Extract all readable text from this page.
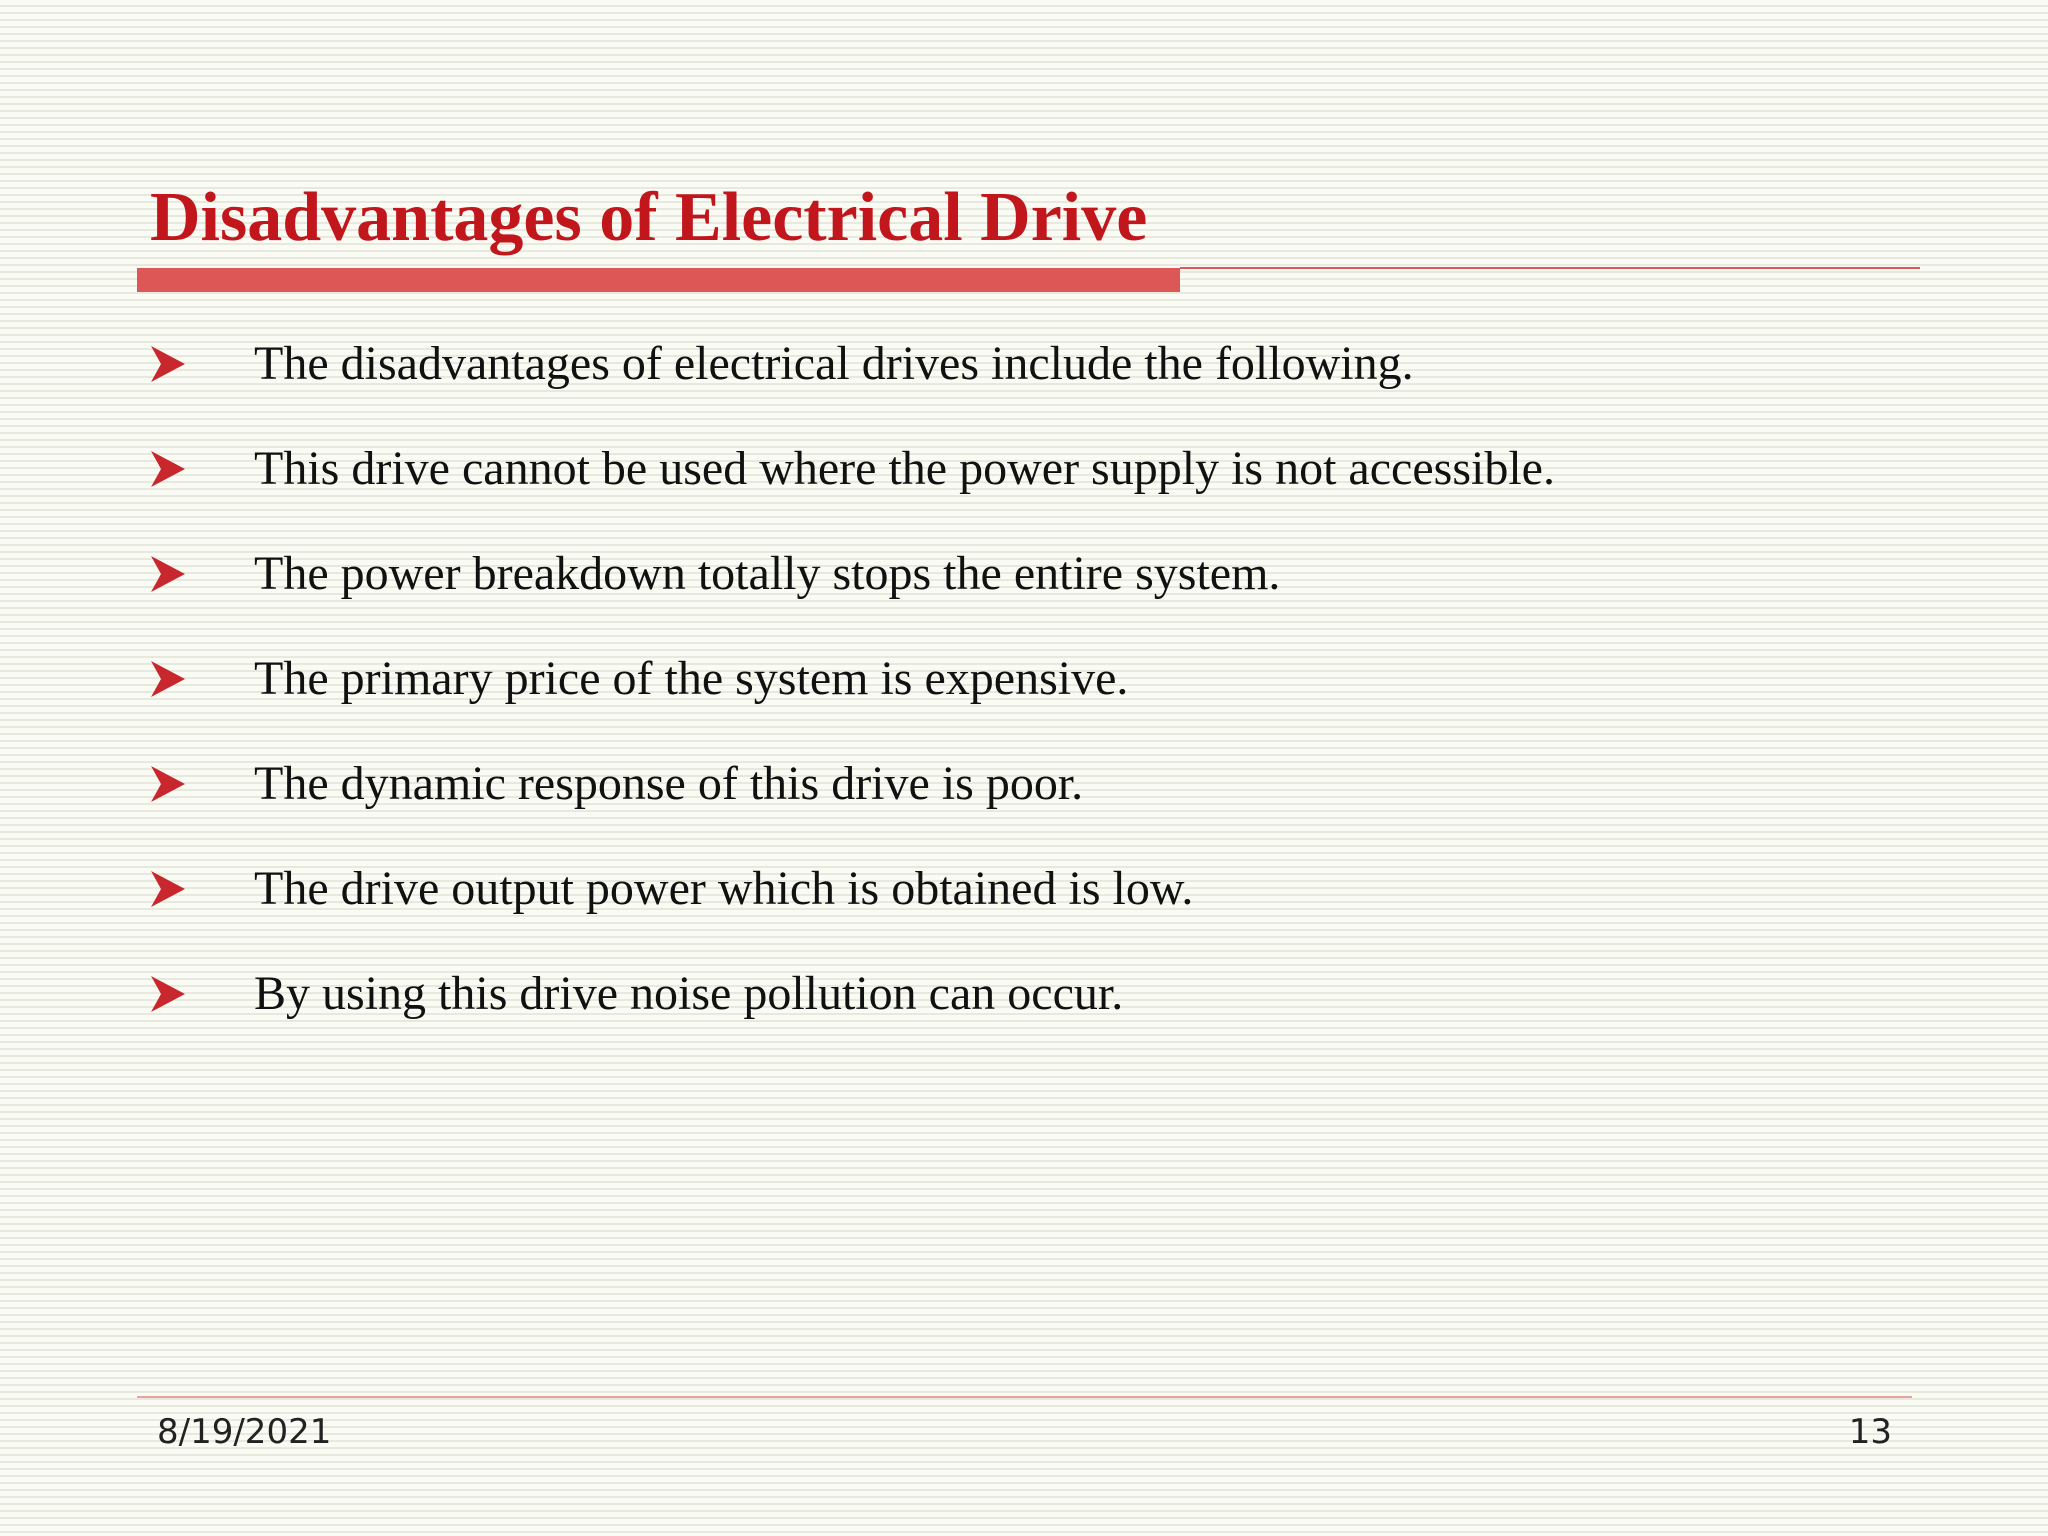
Disadvantages of Electrical Drive
The disadvantages of electrical drives include the following.
This drive cannot be used where the power supply is not accessible.
The power breakdown totally stops the entire system.
The primary price of the system is expensive.
The dynamic response of this drive is poor.
The drive output power which is obtained is low.
By using this drive noise pollution can occur.
8/19/2021	13
